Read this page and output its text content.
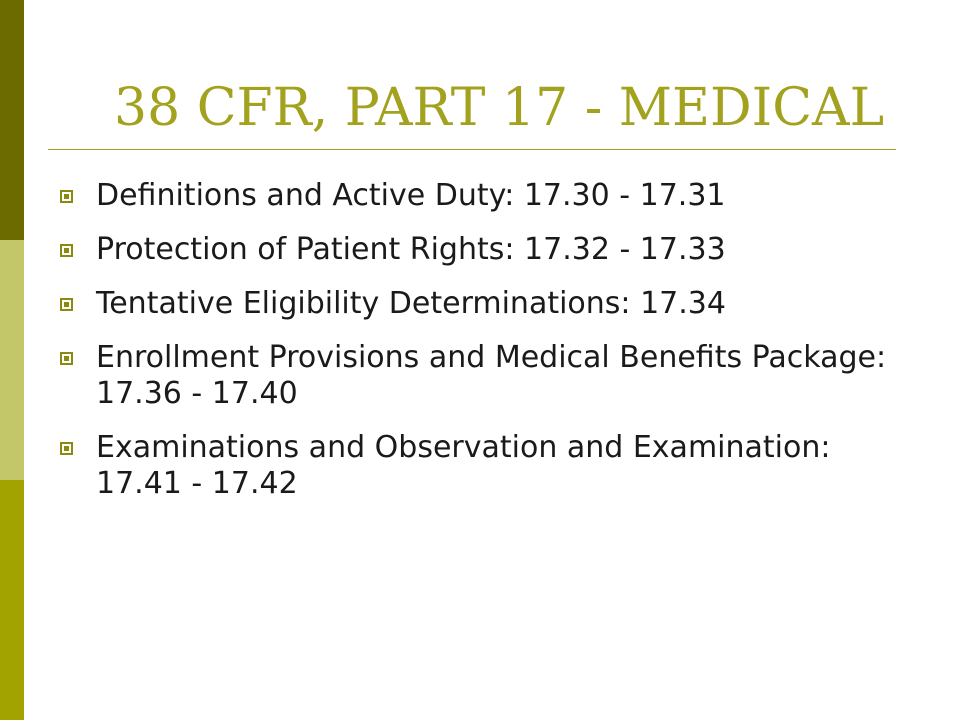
38 CFR, PART 17 - MEDICAL
Definitions and Active Duty: 17.30 - 17.31
Protection of Patient Rights: 17.32 - 17.33
Tentative Eligibility Determinations: 17.34
Enrollment Provisions and Medical Benefits Package: 17.36 - 17.40
Examinations and Observation and Examination: 17.41 - 17.42
